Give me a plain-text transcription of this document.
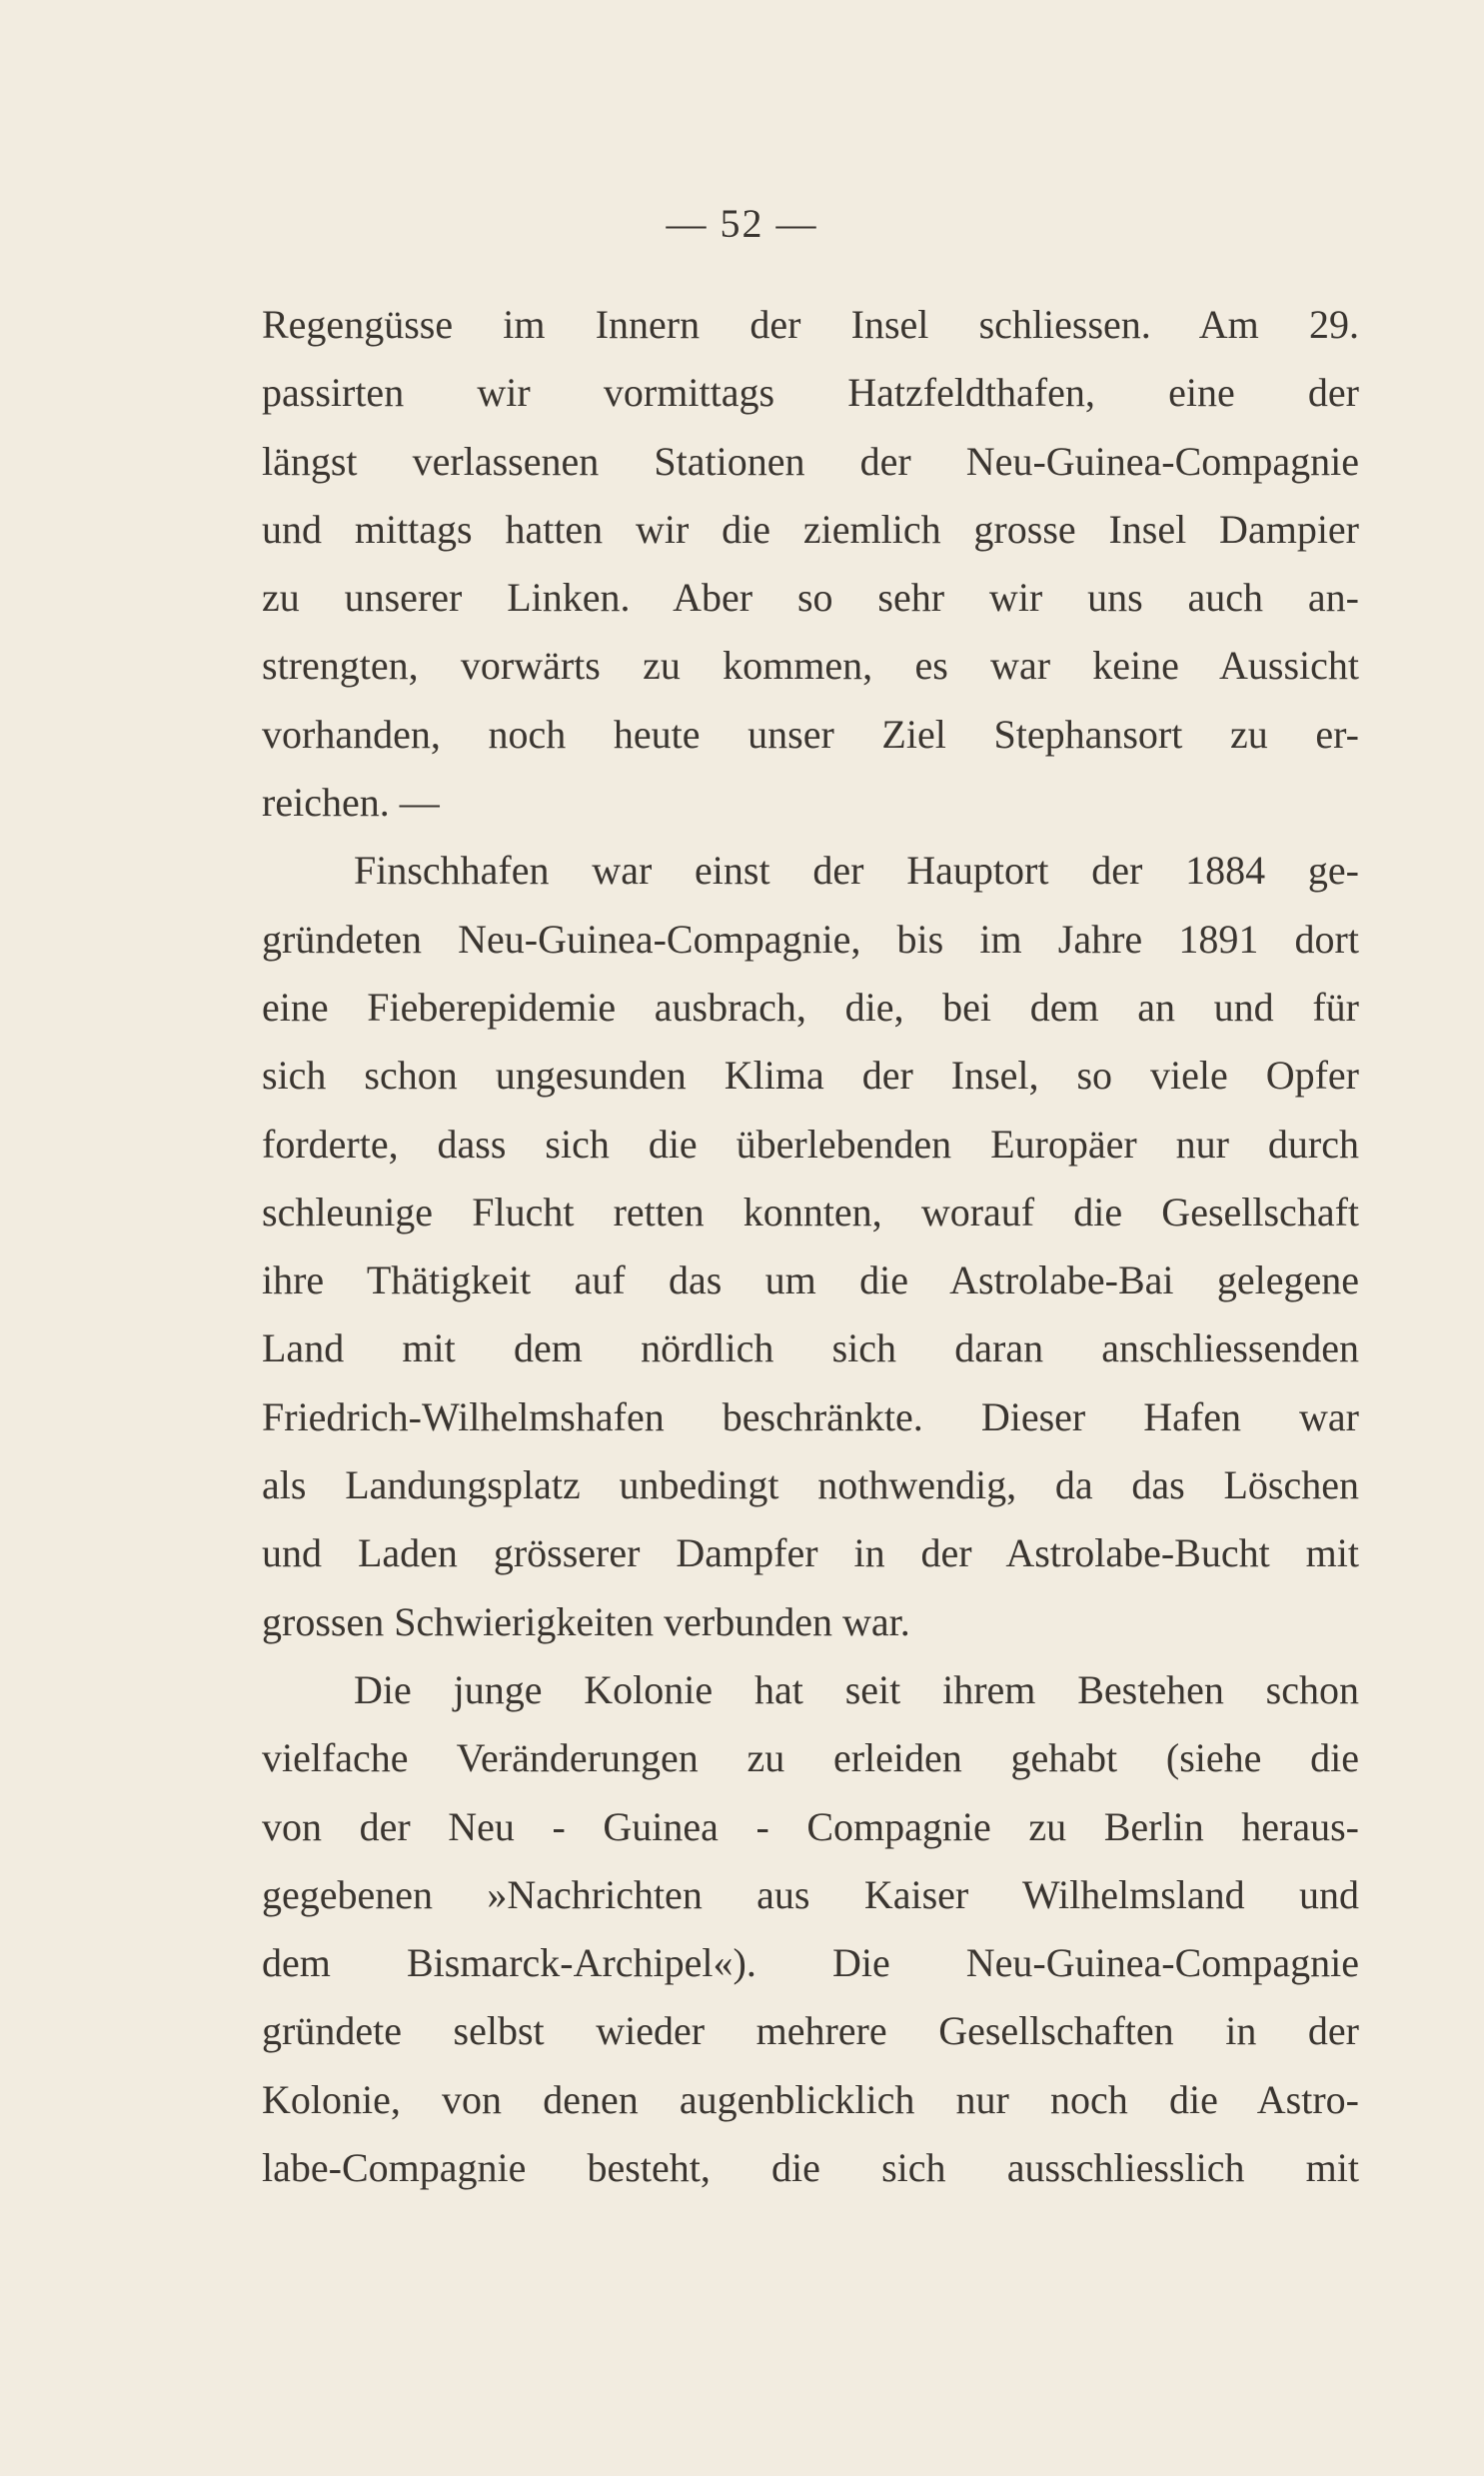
— 52 —
Regengüsse im Innern der Insel schliessen. Am 29.
passirten wir vormittags Hatzfeldthafen, eine der
längst verlassenen Stationen der Neu-Guinea-Compagnie
und mittags hatten wir die ziemlich grosse Insel Dampier
zu unserer Linken. Aber so sehr wir uns auch an-
strengten, vorwärts zu kommen, es war keine Aussicht
vorhanden, noch heute unser Ziel Stephansort zu er-
reichen. —
Finschhafen war einst der Hauptort der 1884 ge-
gründeten Neu-Guinea-Compagnie, bis im Jahre 1891 dort
eine Fieberepidemie ausbrach, die, bei dem an und für
sich schon ungesunden Klima der Insel, so viele Opfer
forderte, dass sich die überlebenden Europäer nur durch
schleunige Flucht retten konnten, worauf die Gesellschaft
ihre Thätigkeit auf das um die Astrolabe-Bai gelegene
Land mit dem nördlich sich daran anschliessenden
Friedrich-Wilhelmshafen beschränkte. Dieser Hafen war
als Landungsplatz unbedingt nothwendig, da das Löschen
und Laden grösserer Dampfer in der Astrolabe-Bucht mit
grossen Schwierigkeiten verbunden war.
Die junge Kolonie hat seit ihrem Bestehen schon
vielfache Veränderungen zu erleiden gehabt (siehe die
von der Neu - Guinea - Compagnie zu Berlin heraus-
gegebenen »Nachrichten aus Kaiser Wilhelmsland und
dem Bismarck-Archipel«). Die Neu-Guinea-Compagnie
gründete selbst wieder mehrere Gesellschaften in der
Kolonie, von denen augenblicklich nur noch die Astro-
labe-Compagnie besteht, die sich ausschliesslich mit
